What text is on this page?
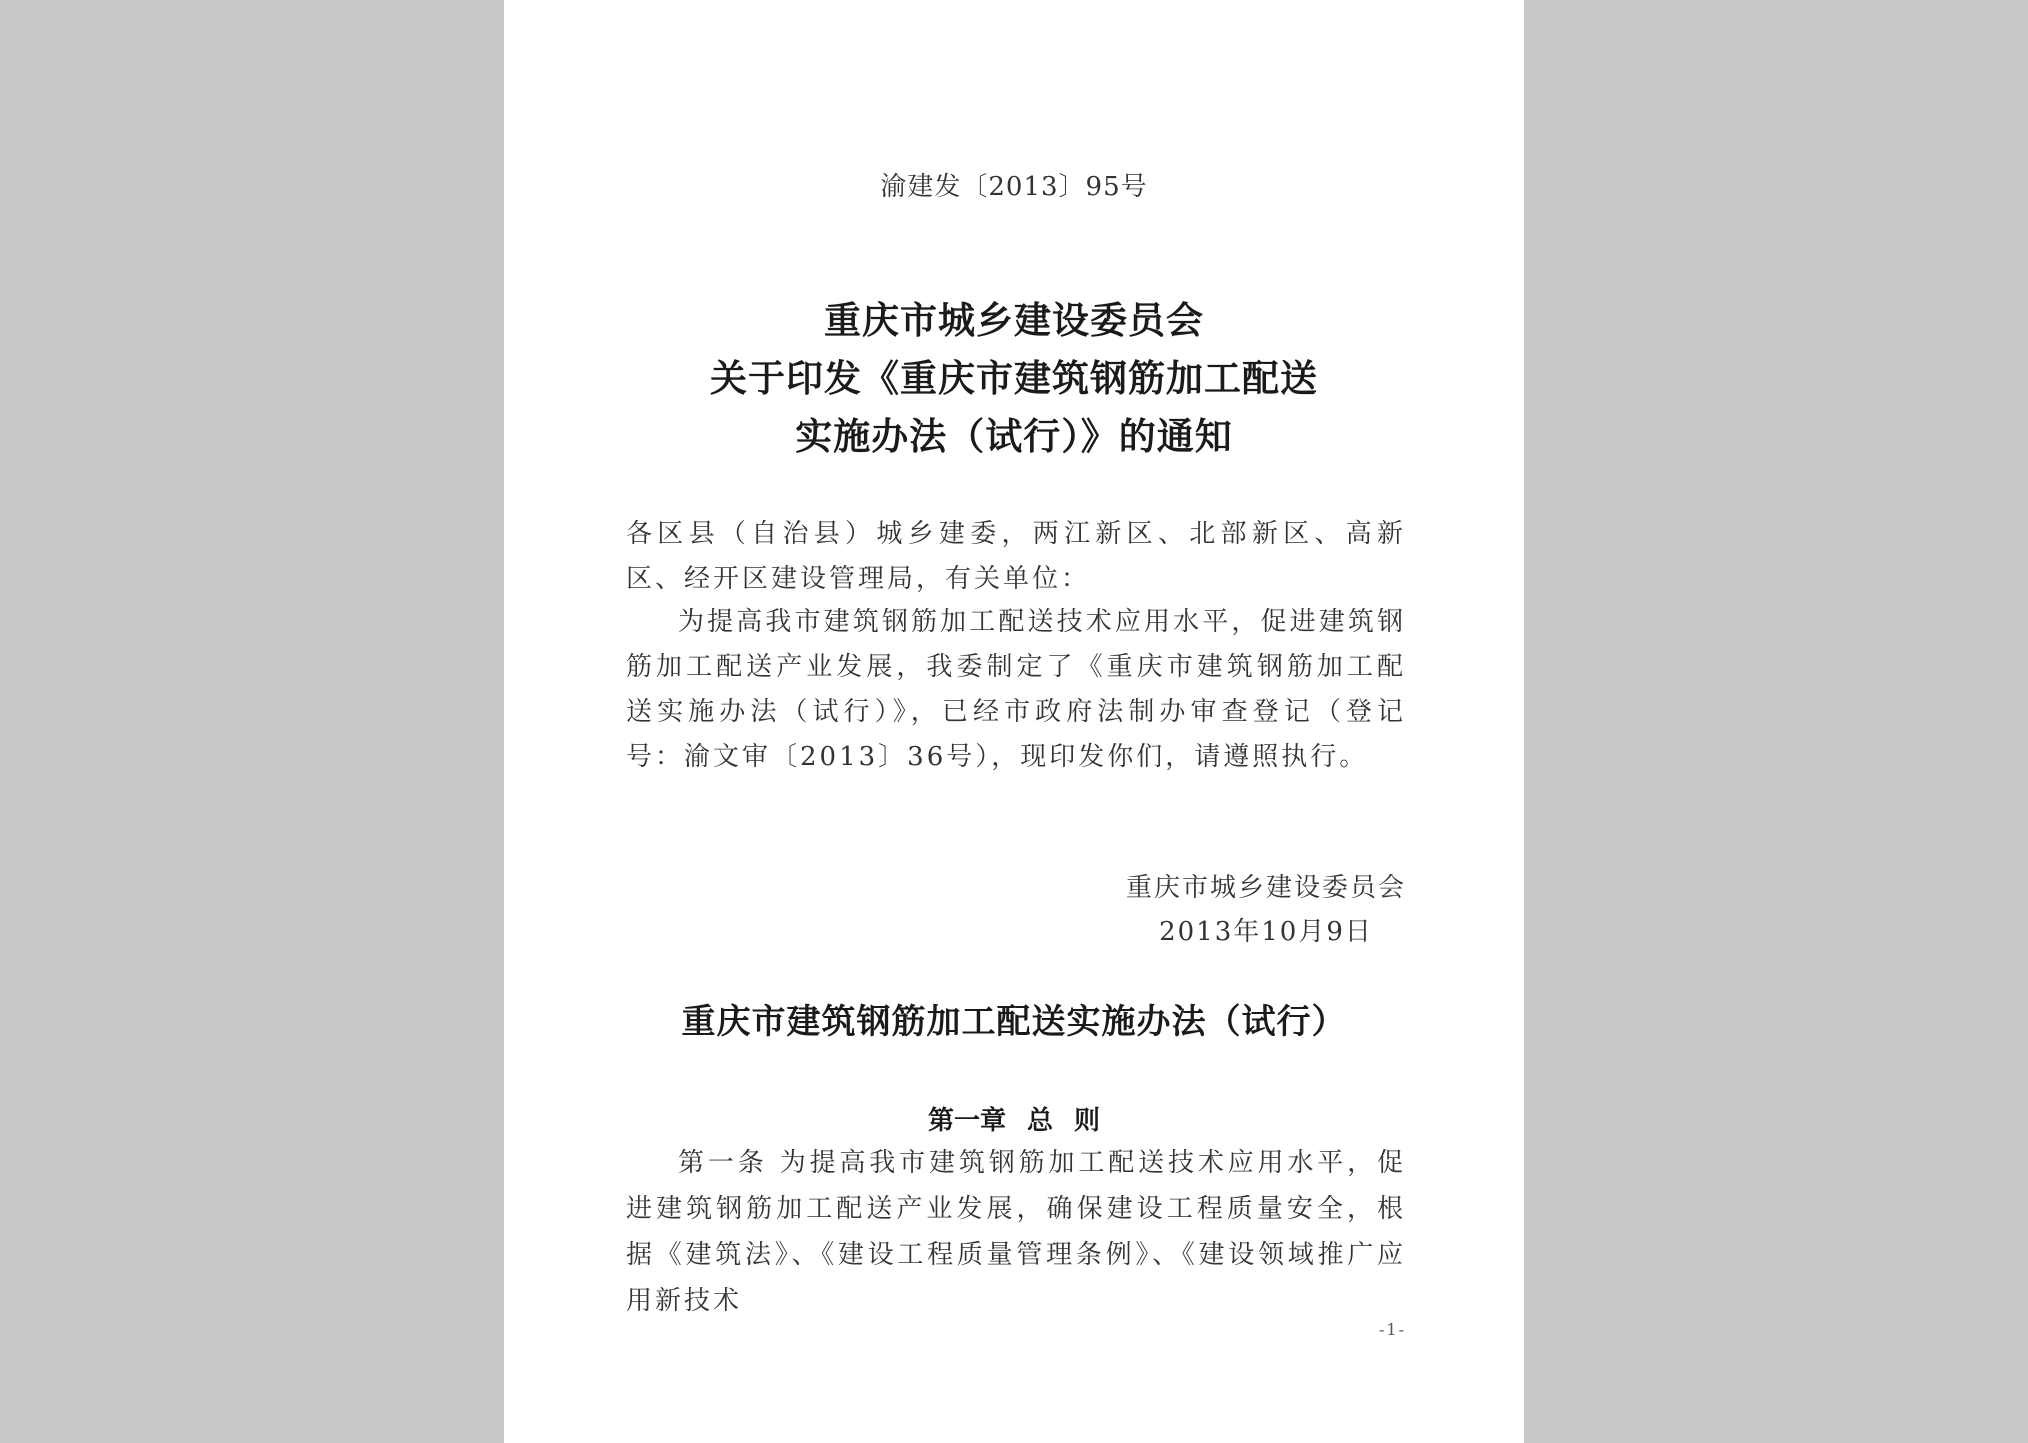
渝建发〔2013〕95号
重庆市城乡建设委员会
关于印发《重庆市建筑钢筋加工配送
实施办法（试行）》的通知
各区县（自治县）城乡建委，两江新区、北部新区、高新区、经开区建设管理局，有关单位：

为提高我市建筑钢筋加工配送技术应用水平，促进建筑钢筋加工配送产业发展，我委制定了《重庆市建筑钢筋加工配送实施办法（试行）》，已经市政府法制办审查登记（登记号：渝文审〔2013〕36号），现印发你们，请遵照执行。

重庆市城乡建设委员会
2013年10月9日
重庆市建筑钢筋加工配送实施办法（试行）
第一章 总 则

第一条 为提高我市建筑钢筋加工配送技术应用水平，促进建筑钢筋加工配送产业发展，确保建设工程质量安全，根据《建筑法》、《建设工程质量管理条例》、《建设领域推广应用新技术

-1-
